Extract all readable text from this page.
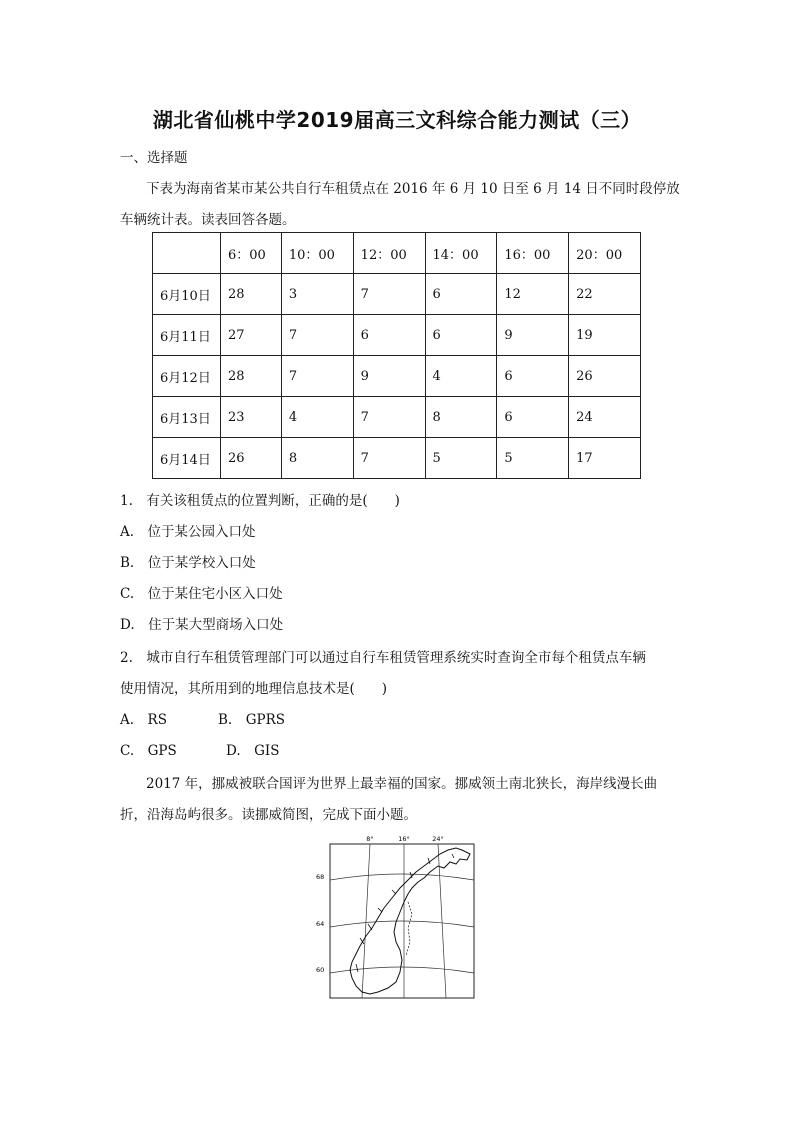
湖北省仙桃中学2019届高三文科综合能力测试（三）
一、选择题
下表为海南省某市某公共自行车租赁点在 2016 年 6 月 10 日至 6 月 14 日不同时段停放
车辆统计表。读表回答各题。
	6：00	10：00	12：00	14：00	16：00	20：00
6月10日	28	3	7	6	12	22
6月11日	27	7	6	6	9	19
6月12日	28	7	9	4	6	26
6月13日	23	4	7	8	6	24
6月14日	26	8	7	5	5	17
1.　有关该租赁点的位置判断，正确的是(　　)
A.　位于某公园入口处
B.　位于某学校入口处
C.　位于某住宅小区入口处
D.　住于某大型商场入口处
2.　城市自行车租赁管理部门可以通过自行车租赁管理系统实时查询全市每个租赁点车辆
使用情况，其所用到的地理信息技术是(　　)
A.　RS	B.　GPRS
C.　GPS	D.　GIS
2017 年，挪威被联合国评为世界上最幸福的国家。挪威领土南北狭长，海岸线漫长曲
折，沿海岛屿很多。读挪威简图，完成下面小题。
8°	16°	24°
68
64
60
